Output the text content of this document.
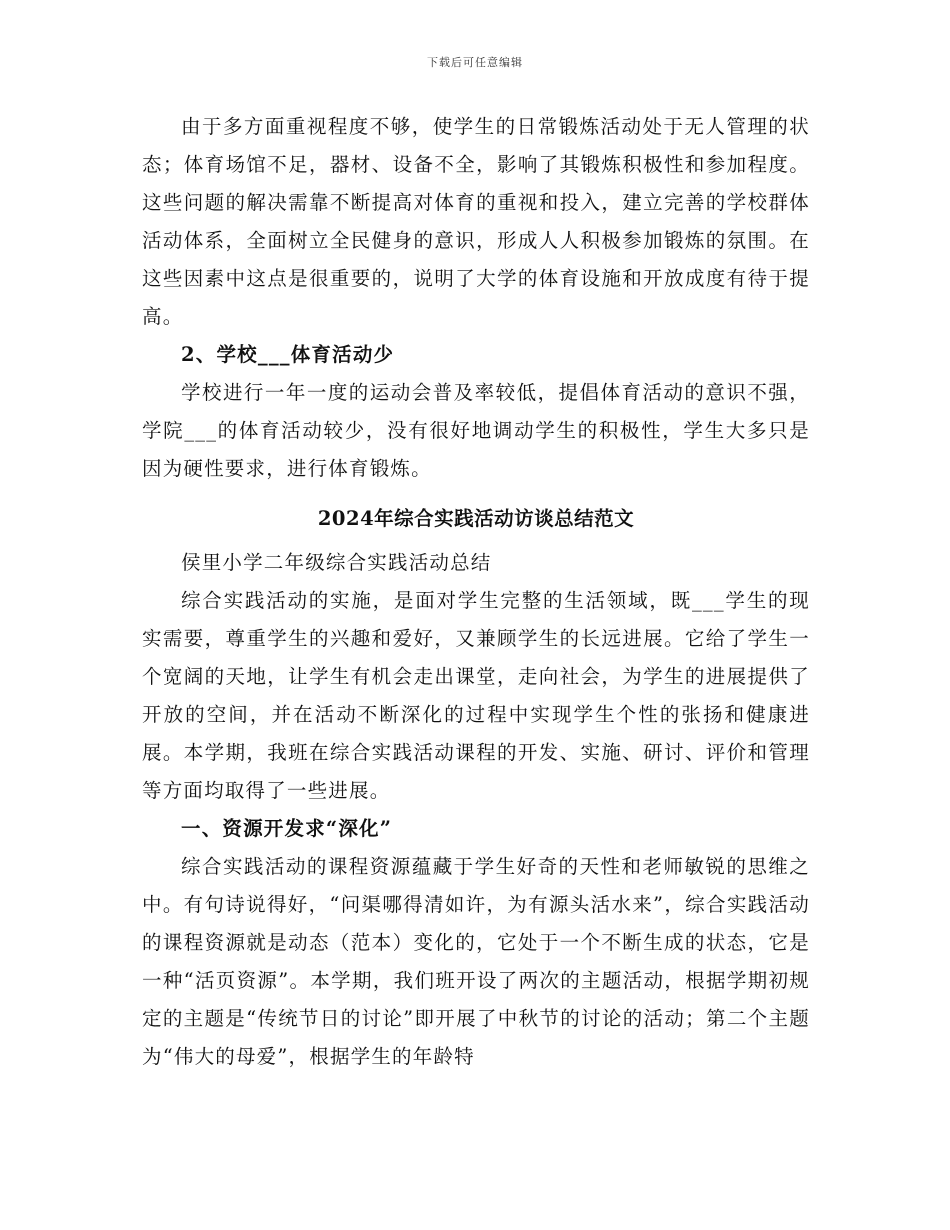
下载后可任意编辑

由于多方面重视程度不够，使学生的日常锻炼活动处于无人管理的状态；体育场馆不足，器材、设备不全，影响了其锻炼积极性和参加程度。这些问题的解决需靠不断提高对体育的重视和投入，建立完善的学校群体活动体系，全面树立全民健身的意识，形成人人积极参加锻炼的氛围。在这些因素中这点是很重要的，说明了大学的体育设施和开放成度有待于提高。

2、学校___体育活动少

学校进行一年一度的运动会普及率较低，提倡体育活动的意识不强，学院___的体育活动较少，没有很好地调动学生的积极性，学生大多只是因为硬性要求，进行体育锻炼。

2024年综合实践活动访谈总结范文

侯里小学二年级综合实践活动总结

综合实践活动的实施，是面对学生完整的生活领域，既___学生的现实需要，尊重学生的兴趣和爱好，又兼顾学生的长远进展。它给了学生一个宽阔的天地，让学生有机会走出课堂，走向社会，为学生的进展提供了开放的空间，并在活动不断深化的过程中实现学生个性的张扬和健康进展。本学期，我班在综合实践活动课程的开发、实施、研讨、评价和管理等方面均取得了一些进展。

一、资源开发求“深化”

综合实践活动的课程资源蕴藏于学生好奇的天性和老师敏锐的思维之中。有句诗说得好，“问渠哪得清如许，为有源头活水来”，综合实践活动的课程资源就是动态（范本）变化的，它处于一个不断生成的状态，它是一种“活页资源”。本学期，我们班开设了两次的主题活动，根据学期初规定的主题是“传统节日的讨论”即开展了中秋节的讨论的活动；第二个主题为“伟大的母爱”，根据学生的年龄特
